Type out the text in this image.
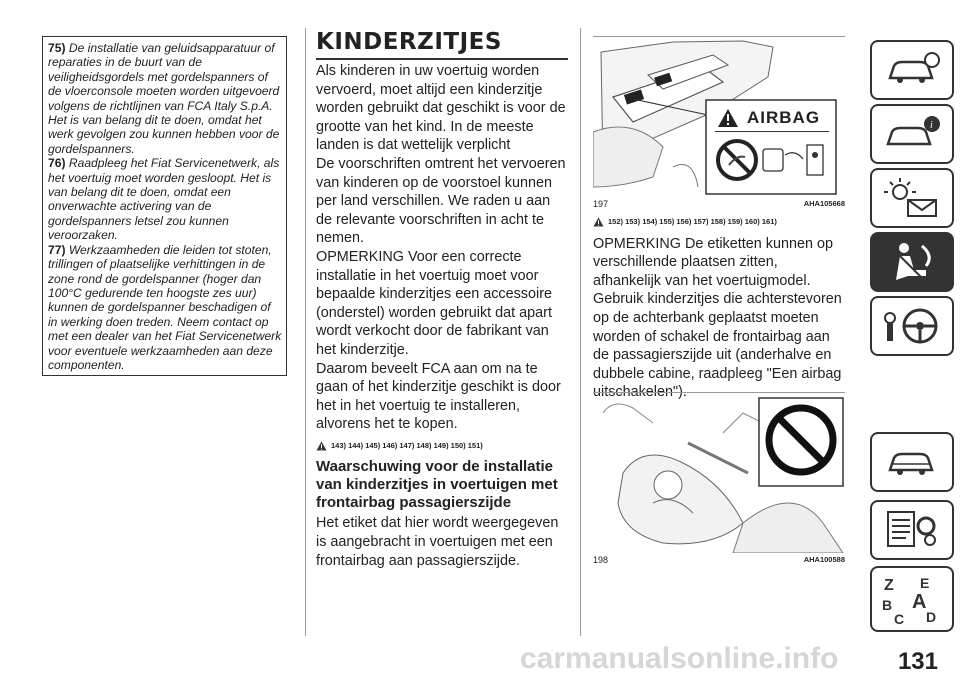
75) De installatie van geluidsapparatuur of reparaties in de buurt van de veiligheidsgordels met gordelspanners of de vloerconsole moeten worden uitgevoerd volgens de richtlijnen van FCA Italy S.p.A. Het is van belang dit te doen, omdat het werk gevolgen zou kunnen hebben voor de gordelspanners.

76) Raadpleeg het Fiat Servicenetwerk, als het voertuig moet worden gesloopt. Het is van belang dit te doen, omdat een onverwachte activering van de gordelspanners letsel zou kunnen veroorzaken.

77) Werkzaamheden die leiden tot stoten, trillingen of plaatselijke verhittingen in de zone rond de gordelspanner (hoger dan 100°C gedurende ten hoogste zes uur) kunnen de gordelspanner beschadigen of in werking doen treden. Neem contact op met een dealer van het Fiat Servicenetwerk voor eventuele werkzaamheden aan deze componenten.

KINDERZITJES

Als kinderen in uw voertuig worden vervoerd, moet altijd een kinderzitje worden gebruikt dat geschikt is voor de grootte van het kind. In de meeste landen is dat wettelijk verplicht

De voorschriften omtrent het vervoeren van kinderen op de voorstoel kunnen per land verschillen. We raden u aan de relevante voorschriften in acht te nemen.

OPMERKING Voor een correcte installatie in het voertuig moet voor bepaalde kinderzitjes een accessoire (onderstel) worden gebruikt dat apart wordt verkocht door de fabrikant van het kinderzitje.

Daarom beveelt FCA aan om na te gaan of het kinderzitje geschikt is door het in het voertuig te installeren, alvorens het te kopen.

143) 144) 145) 146) 147) 148) 149) 150) 151)
Waarschuwing voor de installatie van kinderzitjes in voertuigen met frontairbag passagierszijde

Het etiket dat hier wordt weergegeven is aangebracht in voertuigen met een frontairbag aan passagierszijde.

AIRBAG
197	AHA105668
152) 153) 154) 155) 156) 157) 158) 159) 160) 161)

OPMERKING De etiketten kunnen op verschillende plaatsen zitten, afhankelijk van het voertuigmodel.

Gebruik kinderzitjes die achterstevoren op de achterbank geplaatst moeten worden of schakel de frontairbag aan de passagierszijde uit (anderhalve en dubbele cabine, raadpleeg "Een airbag uitschakelen").

198	AHA100588
i
Z E
A
B
C D
carmanualsonline.info 131
